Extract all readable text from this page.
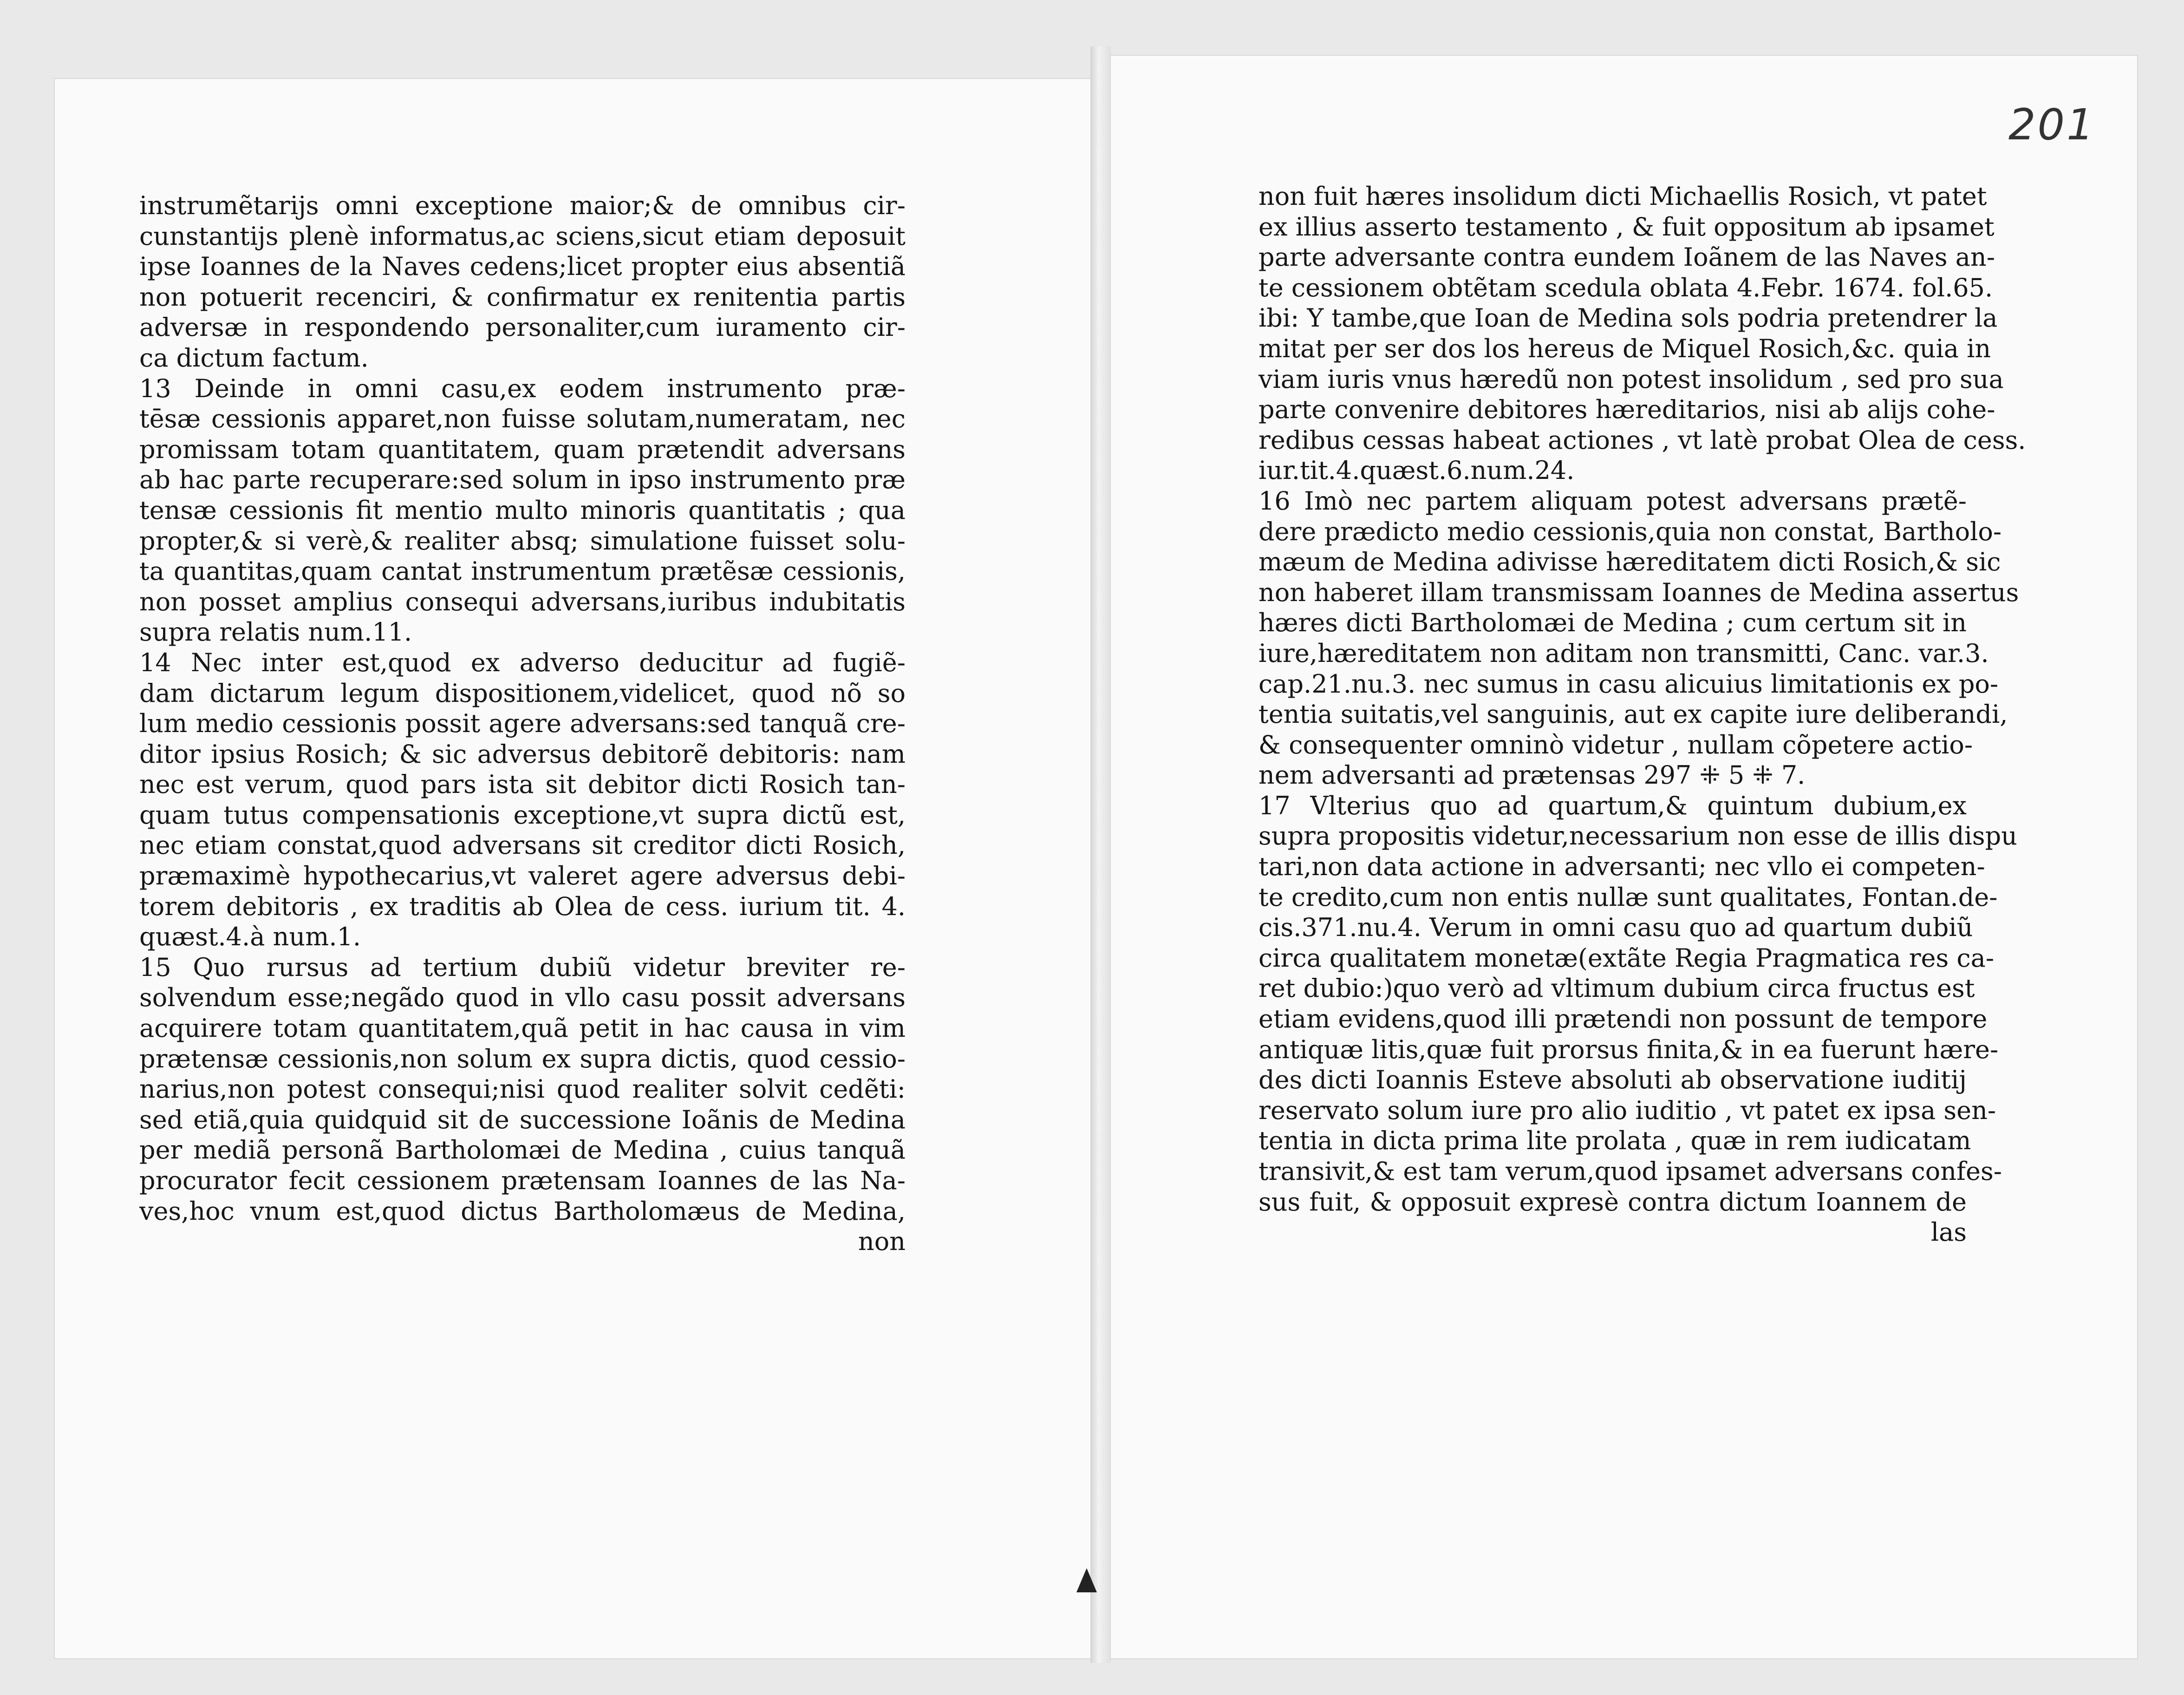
201
instrumẽtarijs omni exceptione maior;& de omnibus cir-
cunstantijs plenè informatus,ac sciens,sicut etiam deposuit
ipse Ioannes de la Naves cedens;licet propter eius absentiã
non potuerit recenciri, & confirmatur ex renitentia partis
adversæ in respondendo personaliter,cum iuramento cir-
ca dictum factum.
13 Deinde in omni casu,ex eodem instrumento præ-
tēsæ cessionis apparet,non fuisse solutam,numeratam, nec
promissam totam quantitatem, quam prætendit adversans
ab hac parte recuperare:sed solum in ipso instrumento præ
tensæ cessionis fit mentio multo minoris quantitatis ; qua
propter,& si verè,& realiter absq; simulatione fuisset solu-
ta quantitas,quam cantat instrumentum prætẽsæ cessionis,
non posset amplius consequi adversans,iuribus indubitatis
supra relatis num.11.
14 Nec inter est,quod ex adverso deducitur ad fugiẽ-
dam dictarum legum dispositionem,videlicet, quod nõ so
lum medio cessionis possit agere adversans:sed tanquã cre-
ditor ipsius Rosich; & sic adversus debitorẽ debitoris: nam
nec est verum, quod pars ista sit debitor dicti Rosich tan-
quam tutus compensationis exceptione,vt supra dictũ est,
nec etiam constat,quod adversans sit creditor dicti Rosich,
præmaximè hypothecarius,vt valeret agere adversus debi-
torem debitoris , ex traditis ab Olea de cess. iurium tit. 4.
quæst.4.à num.1.
15 Quo rursus ad tertium dubiũ videtur breviter re-
solvendum esse;negãdo quod in vllo casu possit adversans
acquirere totam quantitatem,quã petit in hac causa in vim
prætensæ cessionis,non solum ex supra dictis, quod cessio-
narius,non potest consequi;nisi quod realiter solvit cedẽti:
sed etiã,quia quidquid sit de successione Ioãnis de Medina
per mediã personã Bartholomæi de Medina , cuius tanquã
procurator fecit cessionem prætensam Ioannes de las Na-
ves,hoc vnum est,quod dictus Bartholomæus de Medina,
non
non fuit hæres insolidum dicti Michaellis Rosich, vt patet
ex illius asserto testamento , & fuit oppositum ab ipsamet
parte adversante contra eundem Ioãnem de las Naves an-
te cessionem obtẽtam scedula oblata 4.Febr. 1674. fol.65.
ibi: Y tambe,que Ioan de Medina sols podria pretendrer la
mitat per ser dos los hereus de Miquel Rosich,&c. quia in
viam iuris vnus hæredũ non potest insolidum , sed pro sua
parte convenire debitores hæreditarios, nisi ab alijs cohe-
redibus cessas habeat actiones , vt latè probat Olea de cess.
iur.tit.4.quæst.6.num.24.
16 Imò nec partem aliquam potest adversans prætẽ-
dere prædicto medio cessionis,quia non constat, Bartholo-
mæum de Medina adivisse hæreditatem dicti Rosich,& sic
non haberet illam transmissam Ioannes de Medina assertus
hæres dicti Bartholomæi de Medina ; cum certum sit in
iure,hæreditatem non aditam non transmitti, Canc. var.3.
cap.21.nu.3. nec sumus in casu alicuius limitationis ex po-
tentia suitatis,vel sanguinis, aut ex capite iure deliberandi,
& consequenter omninò videtur , nullam cõpetere actio-
nem adversanti ad prætensas 297 ⁜ 5 ⁜ 7.
17 Vlterius quo ad quartum,& quintum dubium,ex
supra propositis videtur,necessarium non esse de illis dispu
tari,non data actione in adversanti; nec vllo ei competen-
te credito,cum non entis nullæ sunt qualitates, Fontan.de-
cis.371.nu.4. Verum in omni casu quo ad quartum dubiũ
circa qualitatem monetæ(extãte Regia Pragmatica res ca-
ret dubio:)quo verò ad vltimum dubium circa fructus est
etiam evidens,quod illi prætendi non possunt de tempore
antiquæ litis,quæ fuit prorsus finita,& in ea fuerunt hære-
des dicti Ioannis Esteve absoluti ab observatione iuditij
reservato solum iure pro alio iuditio , vt patet ex ipsa sen-
tentia in dicta prima lite prolata , quæ in rem iudicatam
transivit,& est tam verum,quod ipsamet adversans confes-
sus fuit, & opposuit expresè contra dictum Ioannem de
las
